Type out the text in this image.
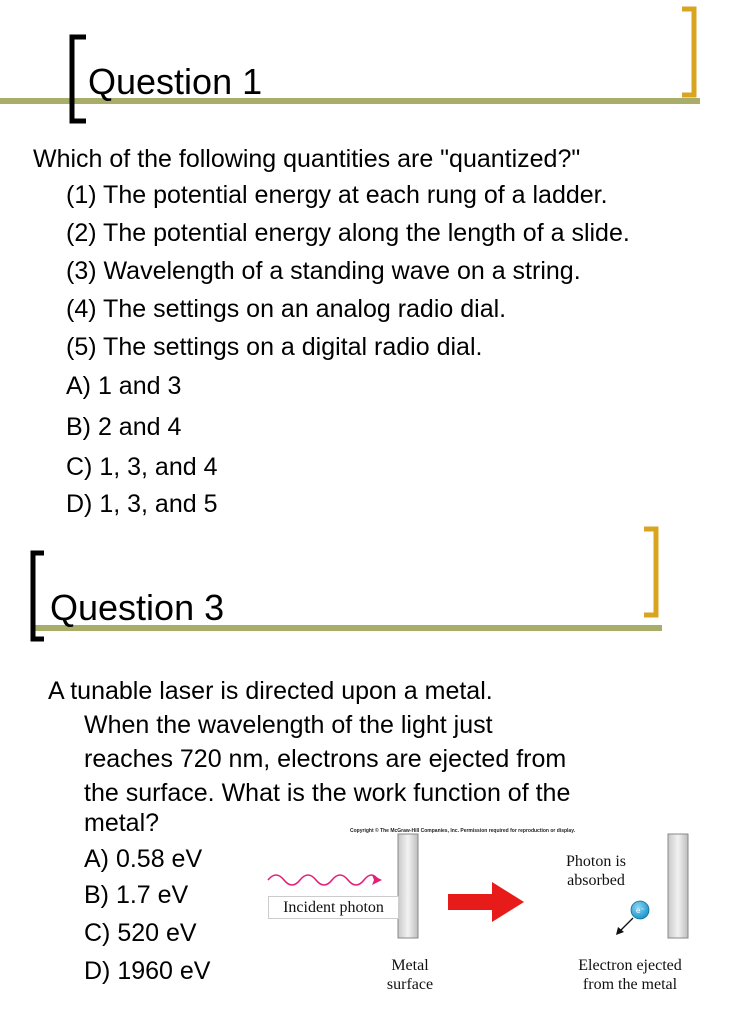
Question 1
Which of the following quantities are "quantized?"
(1) The potential energy at each rung of a ladder.
(2) The potential energy along the length of a slide.
(3) Wavelength of a standing wave on a string.
(4) The settings on an analog radio dial.
(5) The settings on a digital radio dial.
A) 1 and 3
B) 2 and 4
C) 1, 3, and 4
D) 1, 3, and 5
Question 3
A tunable laser is directed upon a metal.
When the wavelength of the light just
reaches 720 nm, electrons are ejected from
the surface. What is the work function of the
metal?
A) 0.58 eV
B) 1.7 eV
C) 520 eV
D) 1960 eV
Copyright © The McGraw-Hill Companies, Inc. Permission required for reproduction or display.
e⁻
Incident photon
Metal
surface
Photon is
absorbed
Electron ejected
from the metal
